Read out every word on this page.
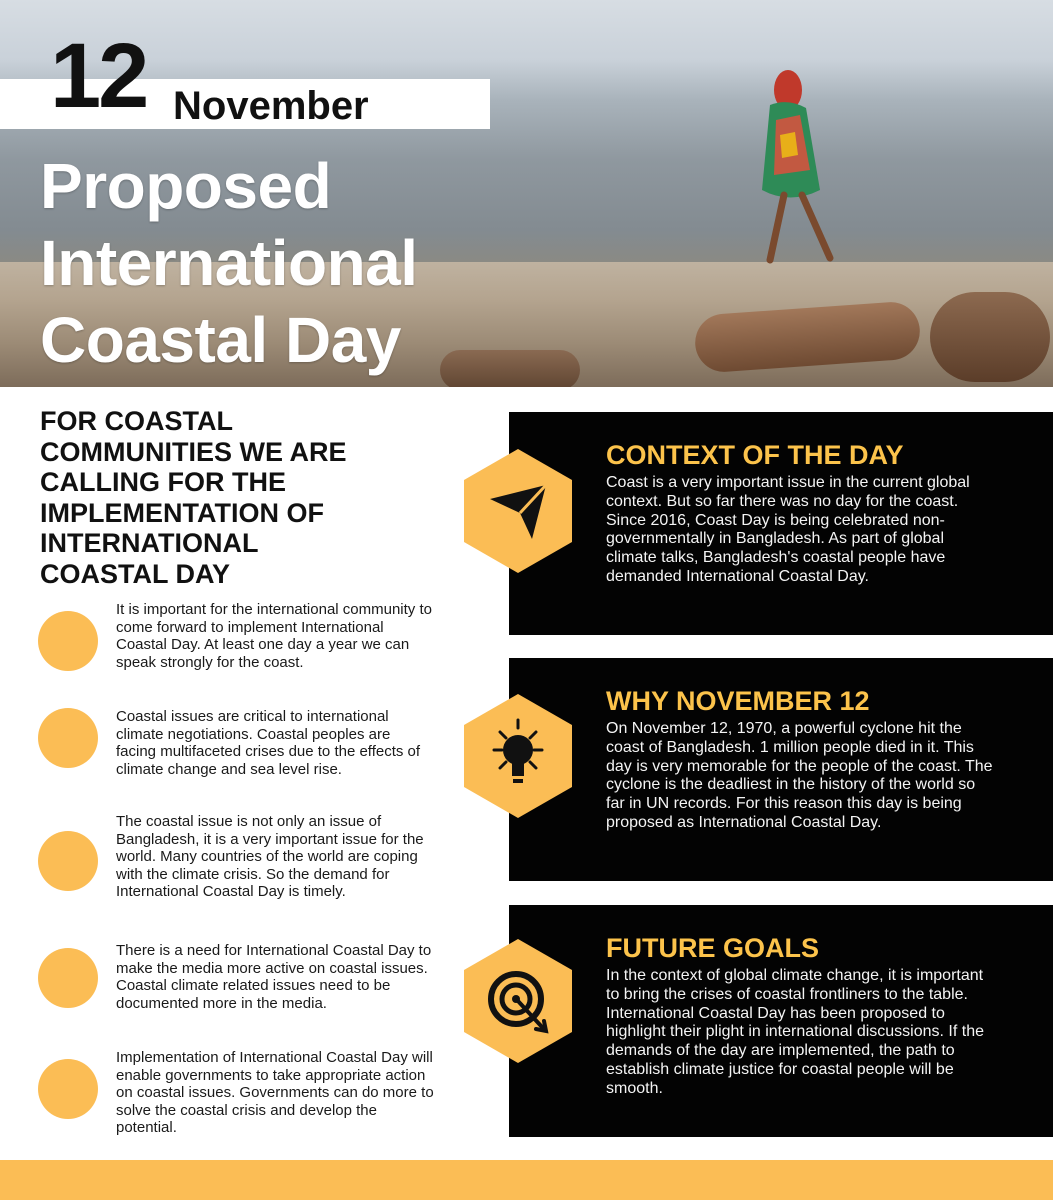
12 November
Proposed
International
Coastal Day
FOR COASTAL
COMMUNITIES WE ARE
CALLING FOR THE
IMPLEMENTATION OF
INTERNATIONAL
COASTAL DAY
It is important for the international community to come forward to implement International Coastal Day. At least one day a year we can speak strongly for the coast.
Coastal issues are critical to international climate negotiations. Coastal peoples are facing multifaceted crises due to the effects of climate change and sea level rise.
The coastal issue is not only an issue of Bangladesh, it is a very important issue for the world. Many countries of the world are coping with the climate crisis. So the demand for International Coastal Day is timely.
There is a need for International Coastal Day to make the media more active on coastal issues. Coastal climate related issues need to be documented more in the media.
Implementation of International Coastal Day will enable governments to take appropriate action on coastal issues. Governments can do more to solve the coastal crisis and develop the potential.
CONTEXT OF THE DAY
Coast is a very important issue in the current global context. But so far there was no day for the coast. Since 2016, Coast Day is being celebrated non-governmentally in Bangladesh. As part of global climate talks, Bangladesh's coastal people have demanded International Coastal Day.
WHY NOVEMBER 12
On November 12, 1970, a powerful cyclone hit the coast of Bangladesh. 1 million people died in it. This day is very memorable for the people of the coast. The cyclone is the deadliest in the history of the world so far in UN records. For this reason this day is being proposed as International Coastal Day.
FUTURE GOALS
In the context of global climate change, it is important to bring the crises of coastal frontliners to the table. International Coastal Day has been proposed to highlight their plight in international discussions. If the demands of the day are implemented, the path to establish climate justice for coastal people will be smooth.
